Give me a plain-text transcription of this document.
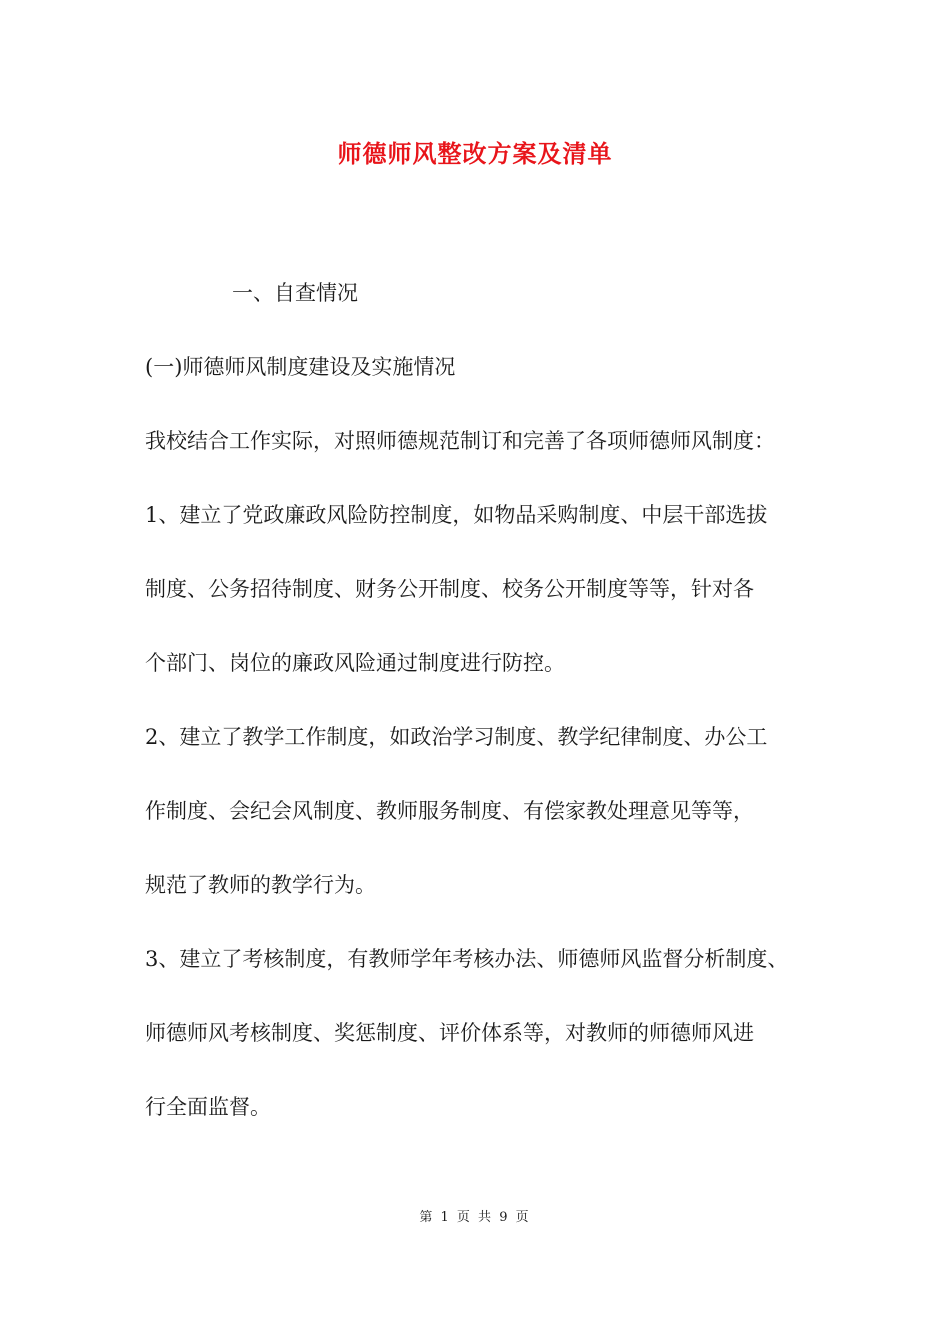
师德师风整改方案及清单
一、自查情况
(一)师德师风制度建设及实施情况
我校结合工作实际，对照师德规范制订和完善了各项师德师风制度：
1、建立了党政廉政风险防控制度，如物品采购制度、中层干部选拔
制度、公务招待制度、财务公开制度、校务公开制度等等，针对各
个部门、岗位的廉政风险通过制度进行防控。
2、建立了教学工作制度，如政治学习制度、教学纪律制度、办公工
作制度、会纪会风制度、教师服务制度、有偿家教处理意见等等，
规范了教师的教学行为。
3、建立了考核制度，有教师学年考核办法、师德师风监督分析制度、
师德师风考核制度、奖惩制度、评价体系等，对教师的师德师风进
行全面监督。
第 1 页 共 9 页
